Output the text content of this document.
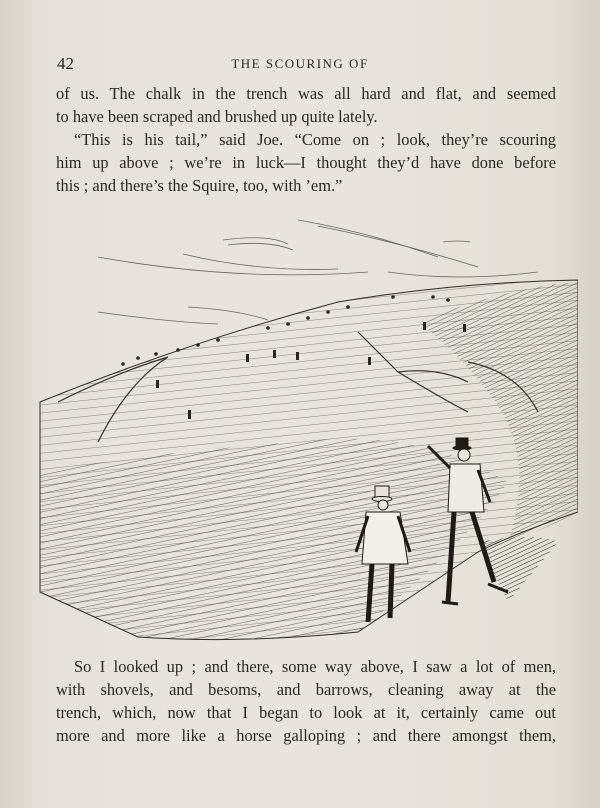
42	THE SCOURING OF
of us. The chalk in the trench was all hard and flat, and seemed
to have been scraped and brushed up quite lately.
“This is his tail,” said Joe. “Come on ; look, they’re scouring
him up above ; we’re in luck—I thought they’d have done before
this ; and there’s the Squire, too, with ’em.”
So I looked up ; and there, some way above, I saw a lot of men,
with shovels, and besoms, and barrows, cleaning away at the
trench, which, now that I began to look at it, certainly came out
more and more like a horse galloping ; and there amongst them,
